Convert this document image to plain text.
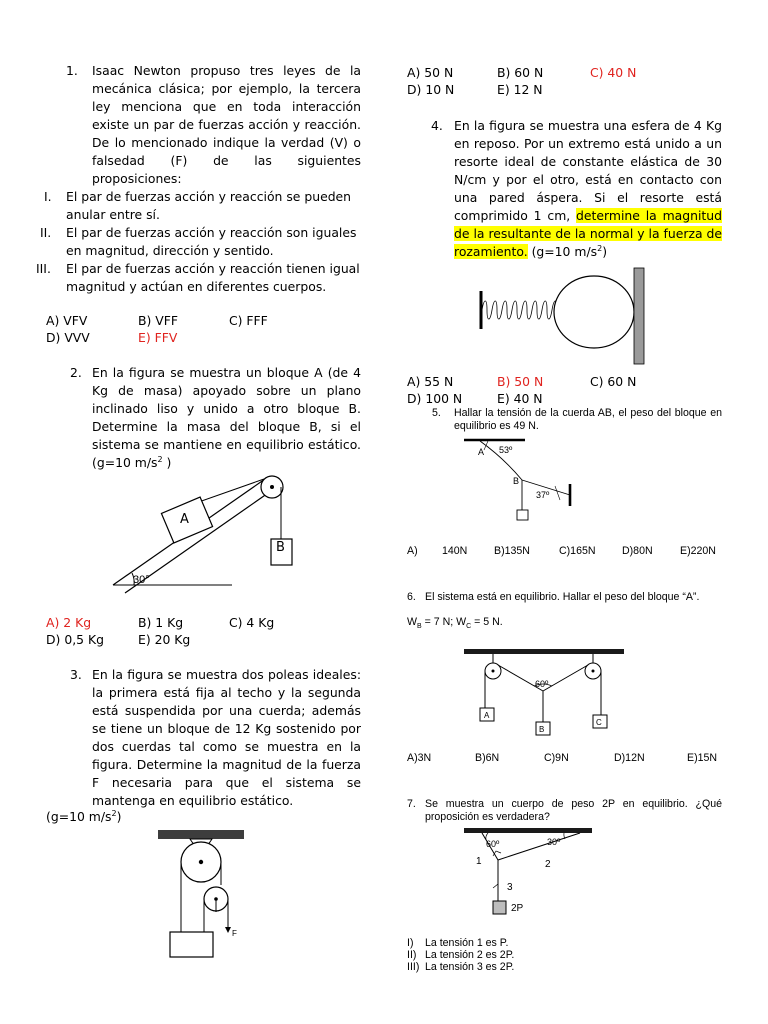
1. Isaac Newton propuso tres leyes de la mecánica clásica; por ejemplo, la tercera ley menciona que en toda interacción existe un par de fuerzas acción y reacción. De lo mencionado indique la verdad (V) o falsedad (F) de las siguientes proposiciones:
I. El par de fuerzas acción y reacción se pueden anular entre sí.
II. El par de fuerzas acción y reacción son iguales en magnitud, dirección y sentido.
III. El par de fuerzas acción y reacción tienen igual magnitud y actúan en diferentes cuerpos.
A) VFV	B) VFF	C) FFF
D) VVV	E) FFV
2. En la figura se muestra un bloque A (de 4 Kg de masa) apoyado sobre un plano inclinado liso y unido a otro bloque B. Determine la masa del bloque B, si el sistema se mantiene en equilibrio estático. (g=10 $m/s^2$ )
A
B
30°
A) 2 Kg	B) 1 Kg	C) 4 Kg
D) 0,5 Kg	E) 20 Kg
3. En la figura se muestra dos poleas ideales: la primera está fija al techo y la segunda está suspendida por una cuerda; además se tiene un bloque de 12 Kg sostenido por dos cuerdas tal como se muestra en la figura. Determine la magnitud de la fuerza F necesaria para que el sistema se mantenga en equilibrio estático.
(g=10 $m/s^2$)
F
A) 50 N	B) 60 N	C) 40 N
D) 10 N	E) 12 N
4. En la figura se muestra una esfera de 4 Kg en reposo. Por un extremo está unido a un resorte ideal de constante elástica de 30 N/cm y por el otro, está en contacto con una pared áspera. Si el resorte está comprimido 1 cm, determine la magnitud de la resultante de la normal y la fuerza de rozamiento. (g=10 $m/s^2$)
A) 55 N	B) 50 N	C) 60 N
D) 100 N	E) 40 N
5. Hallar la tensión de la cuerda AB, el peso del bloque en equilibrio es 49 N.
A 53º
B
37º
A) 140N	B)135N	C)165N D)80N	E)220N
6. El sistema está en equilibrio. Hallar el peso del bloque “A”.
$W_B = 7$ N; $W_C = 5$ N.
A
B
C
60º
A)3N	B)6N	C)9N	D)12N	E)15N
7. Se muestra un cuerpo de peso 2P en equilibrio. ¿Qué proposición es verdadera?
60º	30º
1	2
3
2P
I) La tensión 1 es P.
II) La tensión 2 es 2P.
III) La tensión 3 es 2P.
